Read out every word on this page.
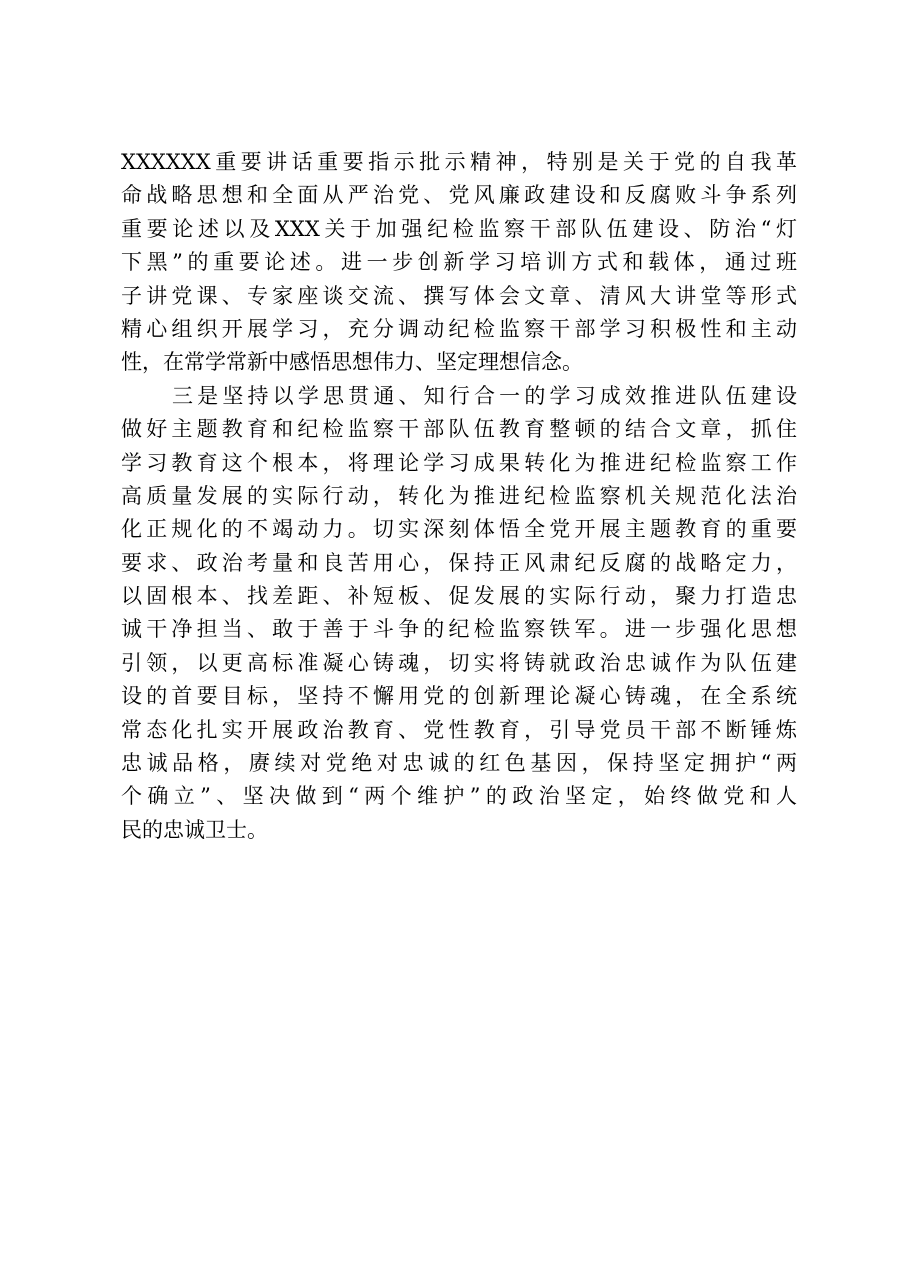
XXXXXX重要讲话重要指示批示精神，特别是关于党的自我革
命战略思想和全面从严治党、党风廉政建设和反腐败斗争系列
重要论述以及XXX关于加强纪检监察干部队伍建设、防治“灯
下黑”的重要论述。进一步创新学习培训方式和载体，通过班
子讲党课、专家座谈交流、撰写体会文章、清风大讲堂等形式
精心组织开展学习，充分调动纪检监察干部学习积极性和主动
性，在常学常新中感悟思想伟力、坚定理想信念。
三是坚持以学思贯通、知行合一的学习成效推进队伍建设
做好主题教育和纪检监察干部队伍教育整顿的结合文章，抓住
学习教育这个根本，将理论学习成果转化为推进纪检监察工作
高质量发展的实际行动，转化为推进纪检监察机关规范化法治
化正规化的不竭动力。切实深刻体悟全党开展主题教育的重要
要求、政治考量和良苦用心，保持正风肃纪反腐的战略定力，
以固根本、找差距、补短板、促发展的实际行动，聚力打造忠
诚干净担当、敢于善于斗争的纪检监察铁军。进一步强化思想
引领，以更高标准凝心铸魂，切实将铸就政治忠诚作为队伍建
设的首要目标，坚持不懈用党的创新理论凝心铸魂，在全系统
常态化扎实开展政治教育、党性教育，引导党员干部不断锤炼
忠诚品格，赓续对党绝对忠诚的红色基因，保持坚定拥护“两
个确立”、坚决做到“两个维护”的政治坚定，始终做党和人
民的忠诚卫士。
